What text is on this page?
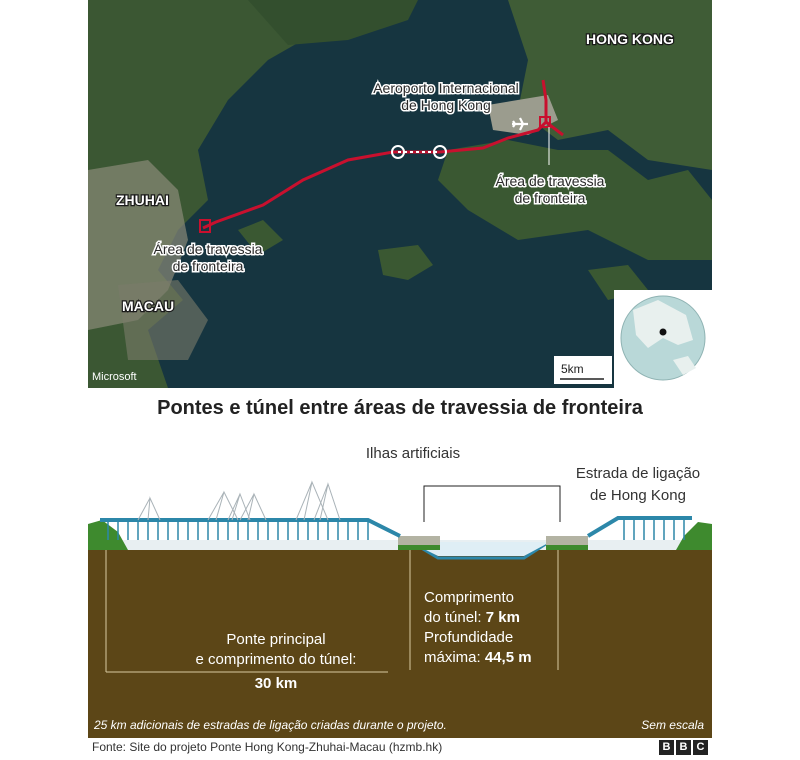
HONG KONG
Aeroporto Internacional
de Hong Kong
Área de travessia
de fronteira
ZHUHAI
Área de travessia
de fronteira
MACAU
Microsoft
5km
Pontes e túnel entre áreas de travessia de fronteira
Ilhas artificiais
Estrada de ligação
de Hong Kong
Comprimento
do túnel: 7 km
Profundidade
máxima: 44,5 m
Ponte principal
e comprimento do túnel:
30 km
25 km adicionais de estradas de ligação criadas durante o projeto.	Sem escala
Fonte: Site do projeto Ponte Hong Kong-Zhuhai-Macau (hzmb.hk)	B B C
